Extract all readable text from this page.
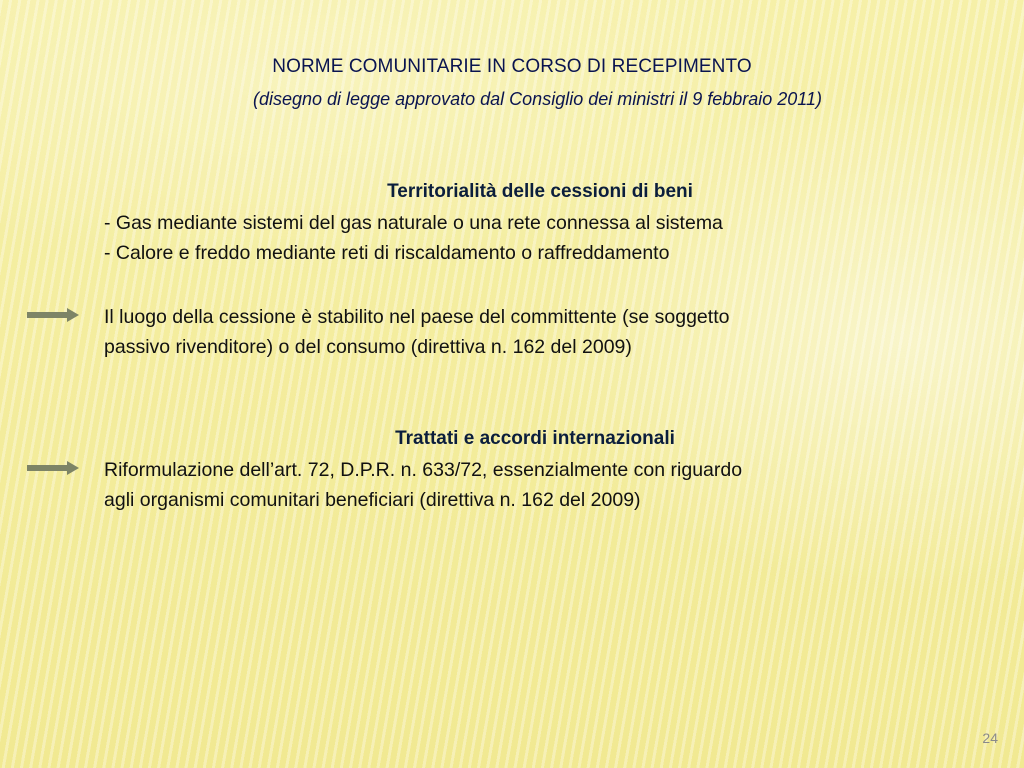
NORME COMUNITARIE IN CORSO DI RECEPIMENTO
(disegno di legge approvato dal Consiglio dei ministri il 9 febbraio 2011)
Territorialità delle cessioni di beni
- Gas mediante sistemi del gas naturale o una rete connessa al sistema
- Calore e freddo mediante reti di riscaldamento o raffreddamento
Il luogo della cessione è stabilito nel paese del committente (se soggetto
passivo rivenditore) o del consumo (direttiva n. 162 del 2009)
Trattati e accordi internazionali
Riformulazione dell’art. 72, D.P.R. n. 633/72, essenzialmente con riguardo
agli organismi comunitari beneficiari (direttiva n. 162 del 2009)
24
